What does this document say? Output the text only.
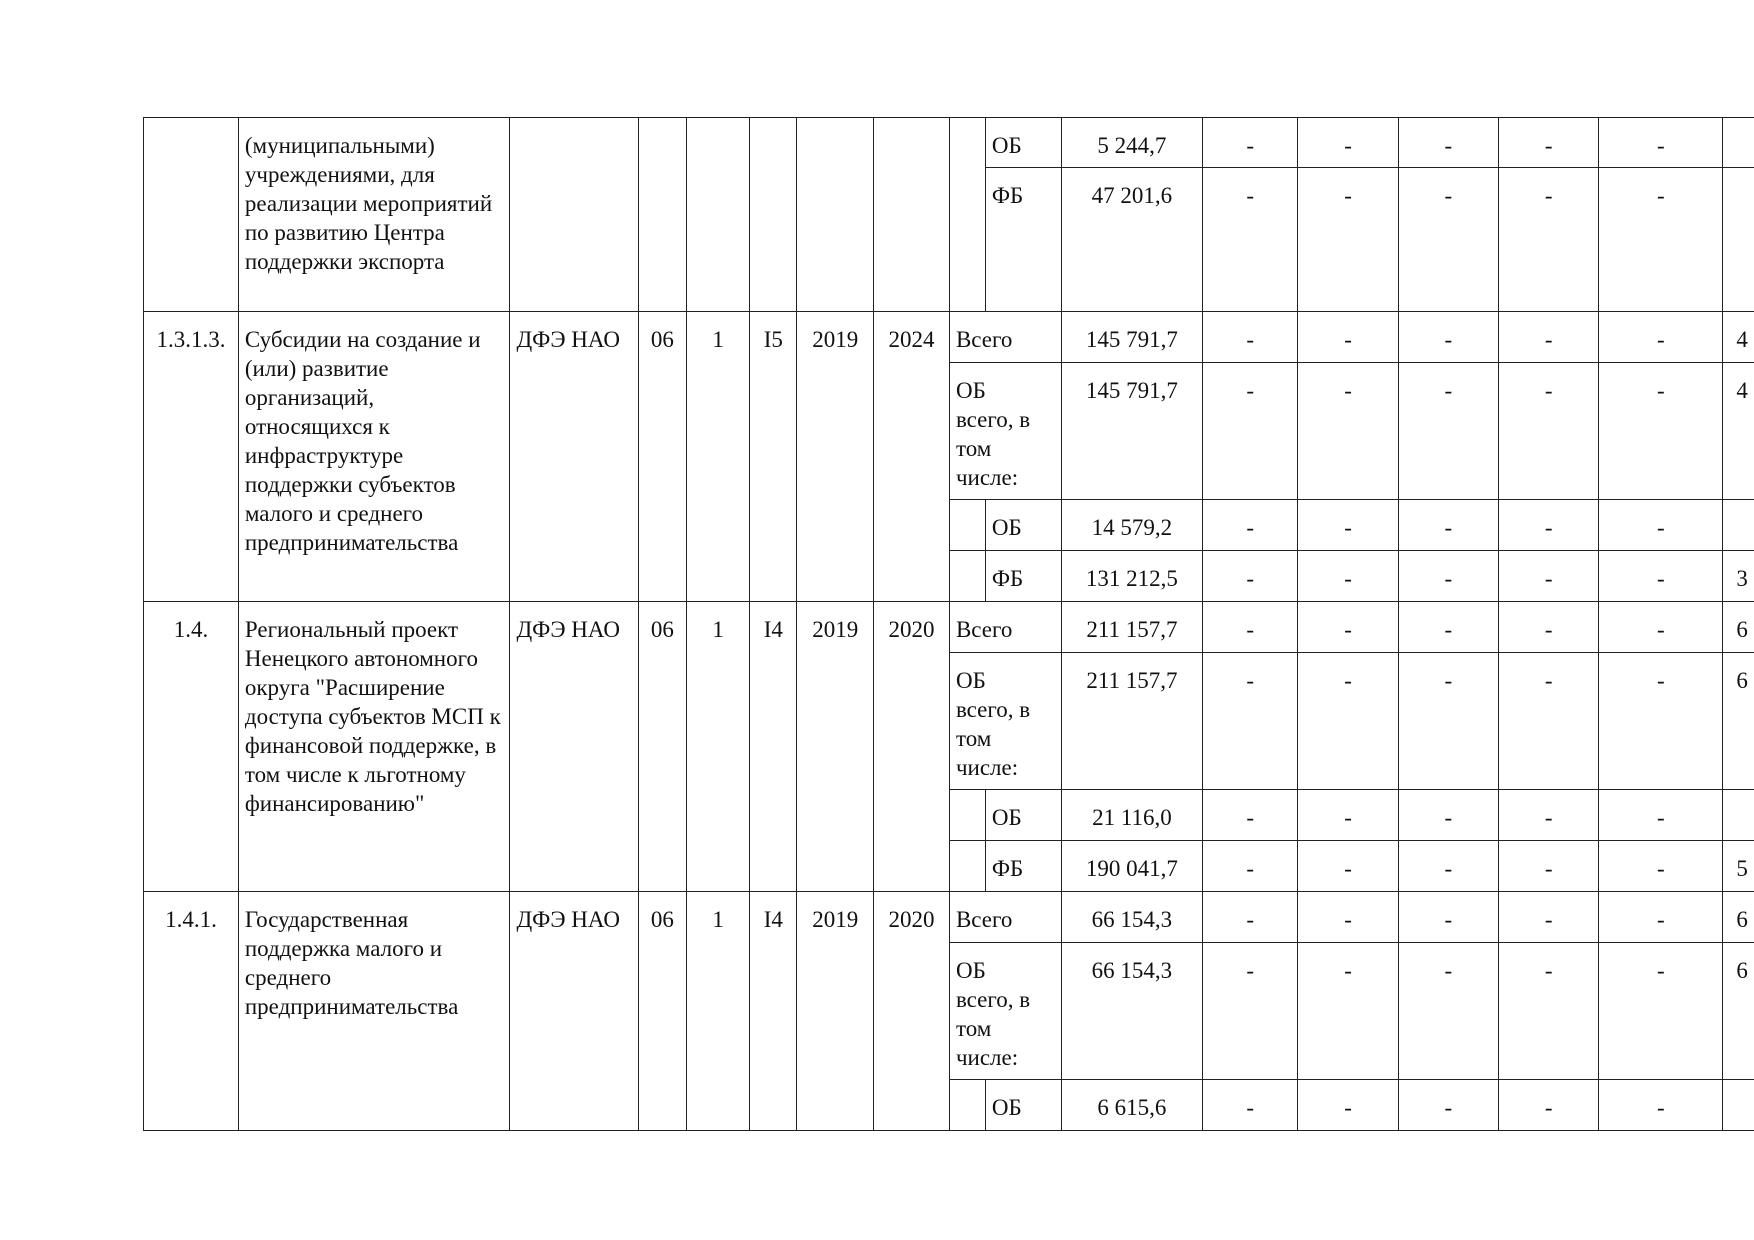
	(муниципальными) учреждениями, для реализации мероприятий по развитию Центра поддержки экспорта								ОБ	5 244,7	-	-	-	-	-	
									ФБ	47 201,6	-	-	-	-	-	
1.3.1.3.	Субсидии на создание и (или) развитие организаций, относящихся к инфраструктуре поддержки субъектов малого и среднего предпринимательства	ДФЭ НАО	06	1	I5	2019	2024	Всего		145 791,7	-	-	-	-	-	4
								ОБ всего, в том числе:		145 791,7	-	-	-	-	-	4
									ОБ	14 579,2	-	-	-	-	-	
									ФБ	131 212,5	-	-	-	-	-	3
1.4.	Региональный проект Ненецкого автономного округа "Расширение доступа субъектов МСП к финансовой поддержке, в том числе к льготному финансированию"	ДФЭ НАО	06	1	I4	2019	2020	Всего		211 157,7	-	-	-	-	-	6
								ОБ всего, в том числе:		211 157,7	-	-	-	-	-	6
									ОБ	21 116,0	-	-	-	-	-	
									ФБ	190 041,7	-	-	-	-	-	5
1.4.1.	Государственная поддержка малого и среднего предпринимательства	ДФЭ НАО	06	1	I4	2019	2020	Всего		66 154,3	-	-	-	-	-	6
								ОБ всего, в том числе:		66 154,3	-	-	-	-	-	6
									ОБ	6 615,6	-	-	-	-	-	
